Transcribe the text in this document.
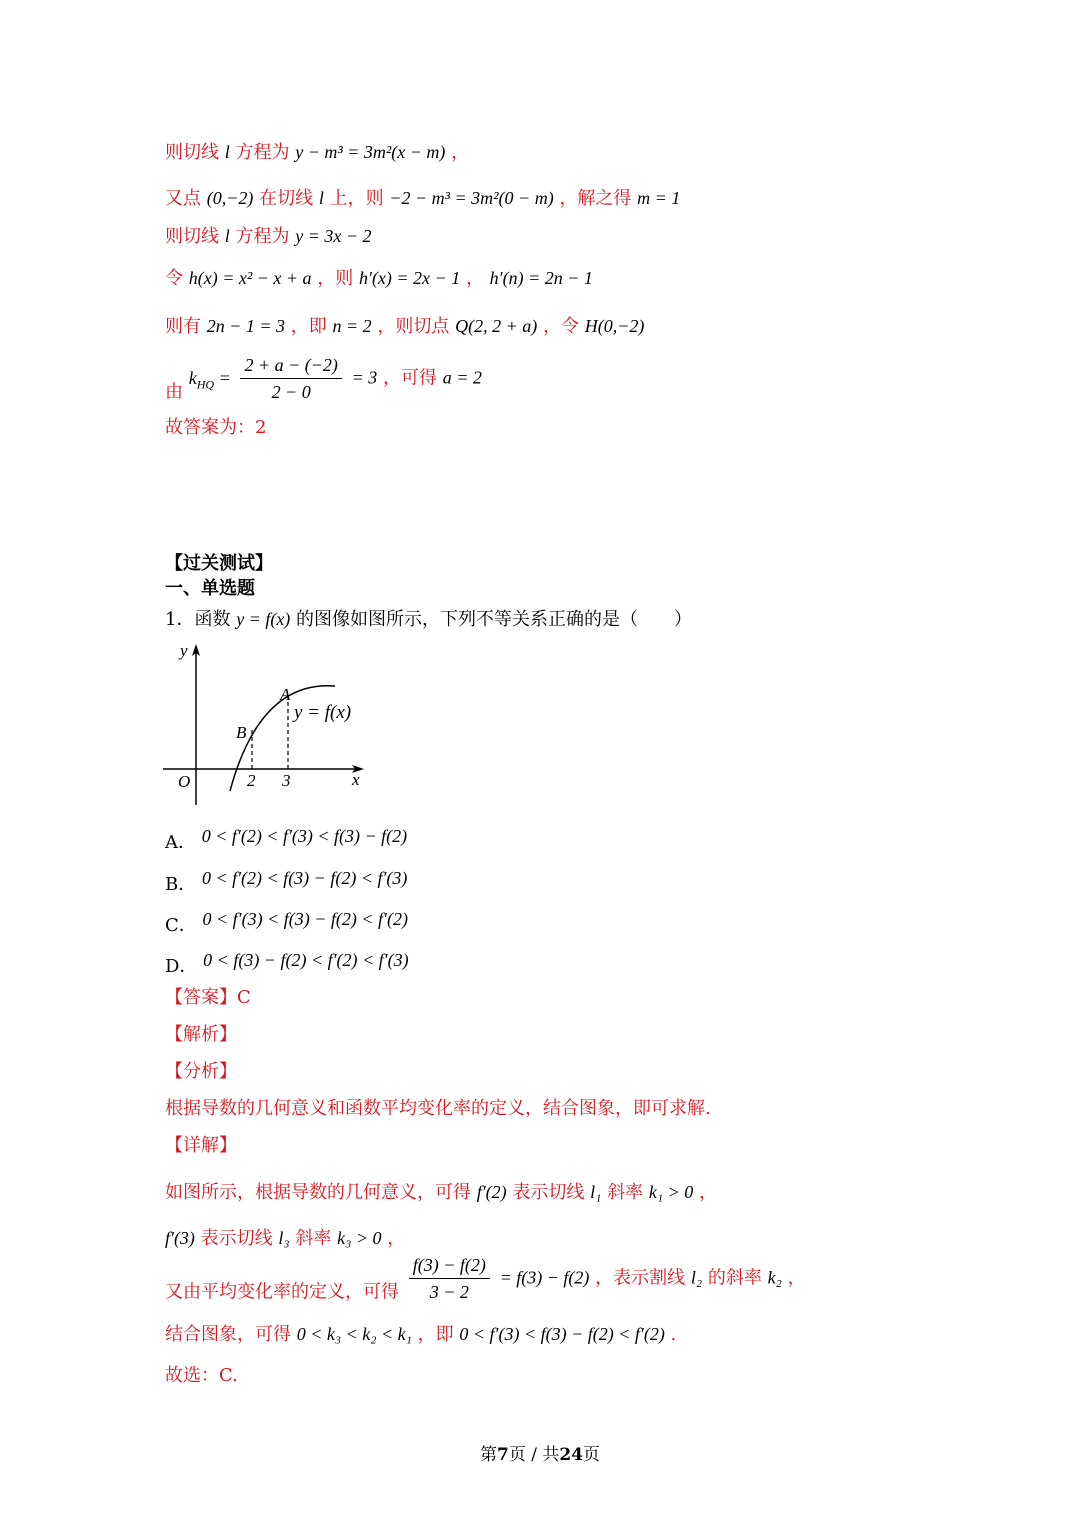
则切线 l 方程为 y − m³ = 3m²(x − m) ，
又点 (0,−2) 在切线 l 上，则 −2 − m³ = 3m²(0 − m) ，解之得 m = 1
则切线 l 方程为 y = 3x − 2
令 h(x) = x² − x + a ，则 h′(x) = 2x − 1 ， h′(n) = 2n − 1
则有 2n − 1 = 3 ，即 n = 2 ，则切点 Q(2, 2 + a) ，令 H(0,−2)
由 $k_{HQ} = \frac{2 + a - (-2)}{2 - 0} = 3$ ，可得 a = 2
故答案为：2
【过关测试】
一、单选题
1．函数 y = f(x) 的图像如图所示，下列不等关系正确的是（　　）
y
x
O	2 3
A
B
y = f(x)
A． 0 < f′(2) < f′(3) < f(3) − f(2)
B． 0 < f′(2) < f(3) − f(2) < f′(3)
C． 0 < f′(3) < f(3) − f(2) < f′(2)
D． 0 < f(3) − f(2) < f′(2) < f′(3)
【答案】C
【解析】
【分析】
根据导数的几何意义和函数平均变化率的定义，结合图象，即可求解.
【详解】
如图所示，根据导数的几何意义，可得 f′(2) 表示切线 l₁ 斜率 k₁ > 0 ，
f′(3) 表示切线 l₃ 斜率 k₃ > 0 ，
又由平均变化率的定义，可得 $\frac{f(3) - f(2)}{3 - 2} = f(3) - f(2)$ ，表示割线 l₂ 的斜率 k₂ ，
结合图象，可得 0 < k₃ < k₂ < k₁ ，即 0 < f′(3) < f(3) − f(2) < f′(2) .
故选：C.
第7页 / 共24页
